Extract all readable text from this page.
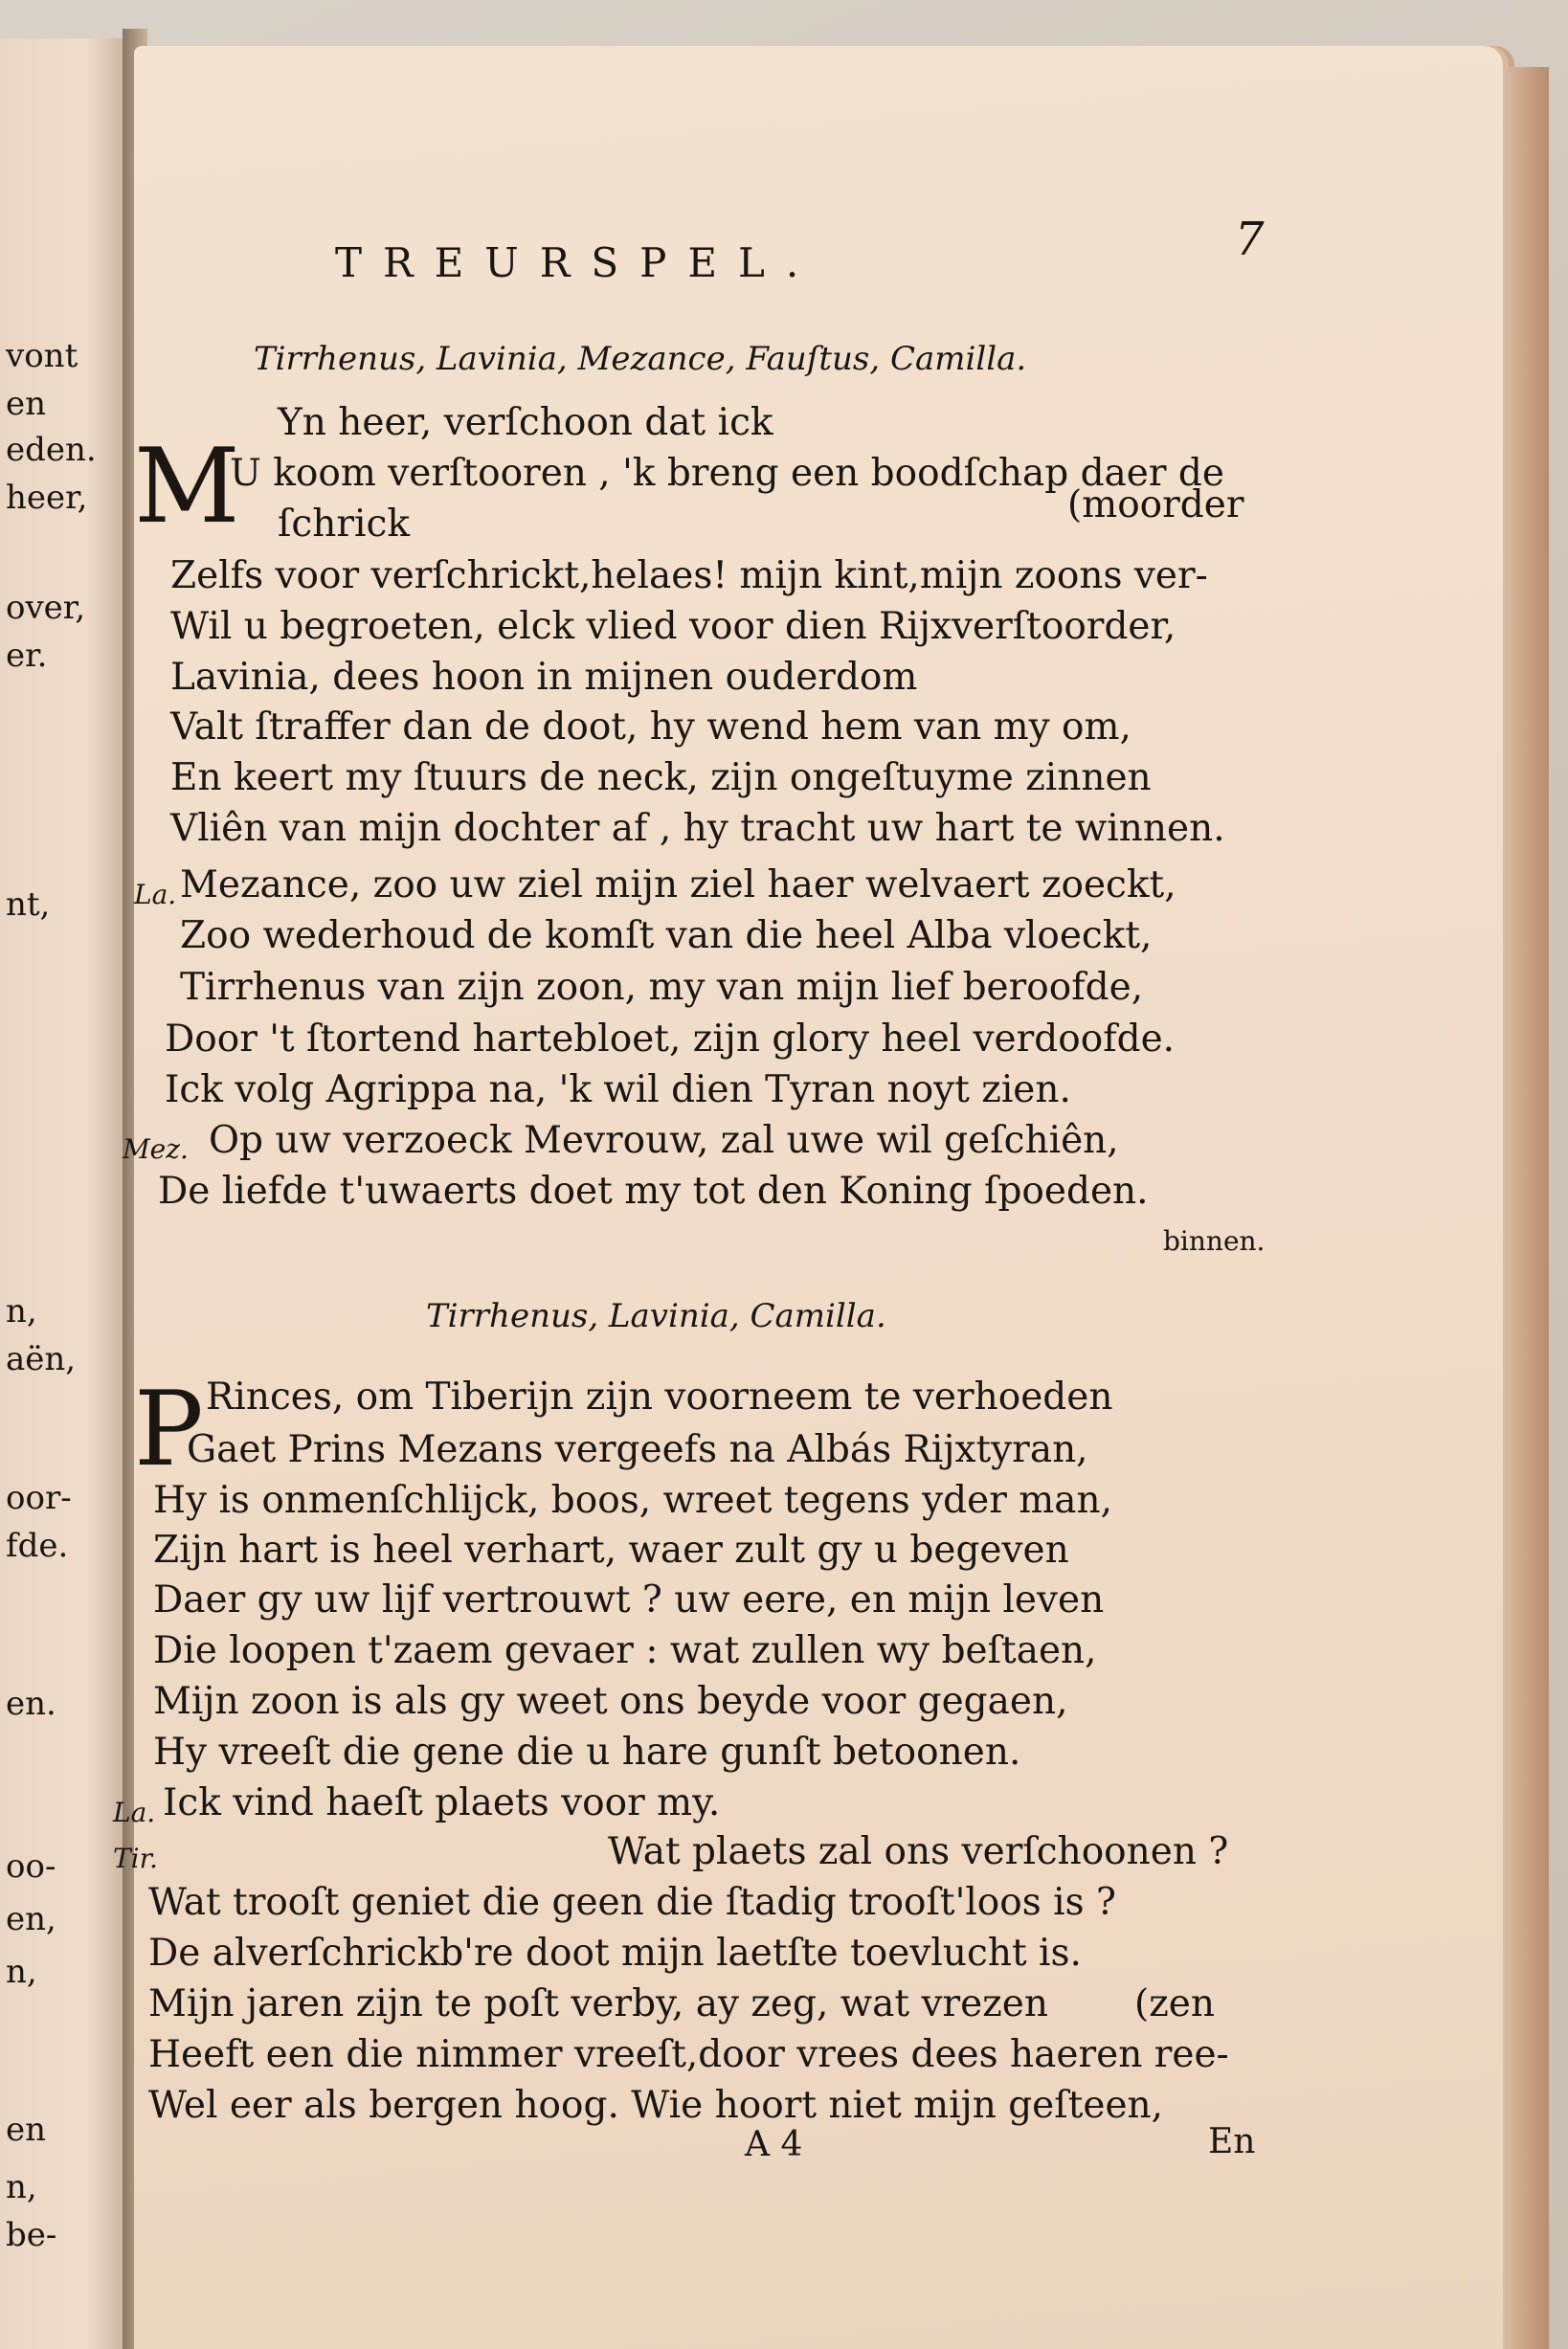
vont
en
eden.
heer,
over,
er.
nt,
n,
aën,
oor-
fde.
en.
oo-
en,
n,
en
n,
be-
TREURSPEL.	7
Tirrhenus, Lavinia, Mezance, Fauſtus, Camilla.
M
Yn heer, verſchoon dat ick
U koom verſtooren , 'k breng een boodſchap daer de
ſchrick	(moorder
Zelfs voor verſchrickt,helaes! mijn kint,mijn zoons ver-
Wil u begroeten, elck vlied voor dien Rijxverſtoorder,
Lavinia, dees hoon in mijnen ouderdom
Valt ſtraffer dan de doot, hy wend hem van my om,
En keert my ſtuurs de neck, zijn ongeſtuyme zinnen
Vliên van mijn dochter af , hy tracht uw hart te winnen.
La. Mezance, zoo uw ziel mijn ziel haer welvaert zoeckt,
Zoo wederhoud de komſt van die heel Alba vloeckt,
Tirrhenus van zijn zoon, my van mijn lief beroofde,
Door 't ſtortend hartebloet, zijn glory heel verdoofde.
Ick volg Agrippa na, 'k wil dien Tyran noyt zien.
Mez. Op uw verzoeck Mevrouw, zal uwe wil geſchiên,
De liefde t'uwaerts doet my tot den Koning ſpoeden.
binnen.
Tirrhenus, Lavinia, Camilla.
P Rinces, om Tiberijn zijn voorneem te verhoeden
Gaet Prins Mezans vergeefs na Albás Rijxtyran,
Hy is onmenſchlijck, boos, wreet tegens yder man,
Zijn hart is heel verhart, waer zult gy u begeven
Daer gy uw lijf vertrouwt ? uw eere, en mijn leven
Die loopen t'zaem gevaer : wat zullen wy beſtaen,
Mijn zoon is als gy weet ons beyde voor gegaen,
Hy vreeſt die gene die u hare gunſt betoonen.
La. Ick vind haeſt plaets voor my.
Tir.	Wat plaets zal ons verſchoonen ?
Wat trooſt geniet die geen die ſtadig trooſt'loos is ?
De alverſchrickb're doot mijn laetſte toevlucht is.
Mijn jaren zijn te poſt verby, ay zeg, wat vrezen (zen
Heeft een die nimmer vreeſt,door vrees dees haeren ree-
Wel eer als bergen hoog. Wie hoort niet mijn geſteen,
A 4	En
